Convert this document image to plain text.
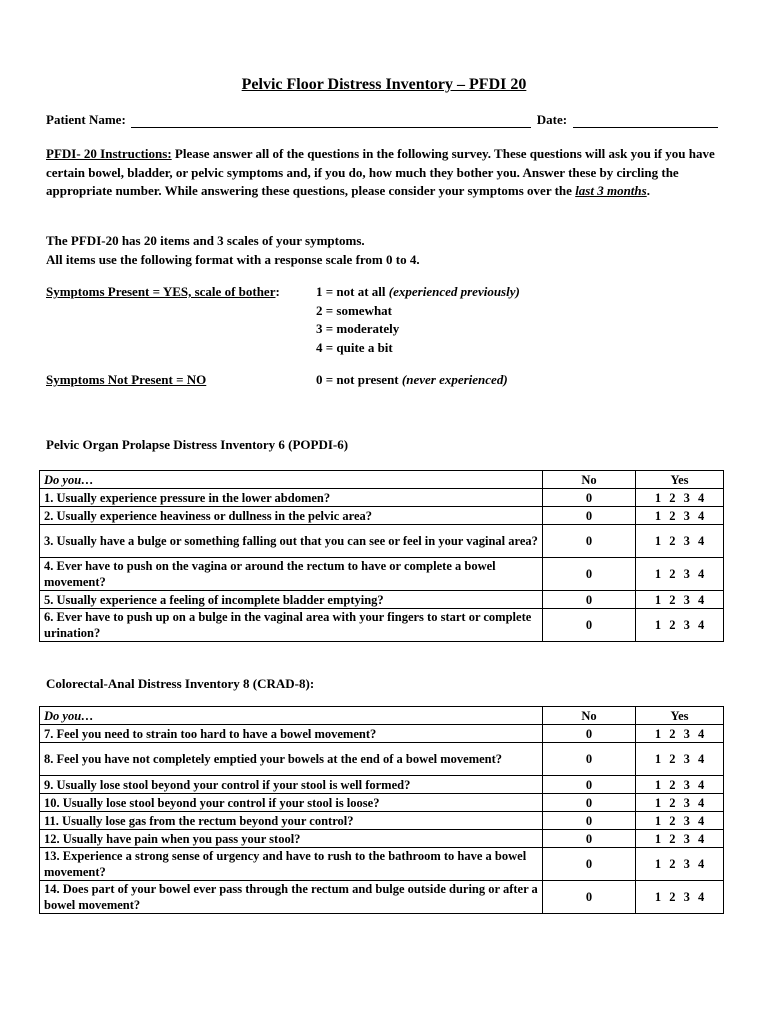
Pelvic Floor Distress Inventory – PFDI 20
Patient Name:	Date:
PFDI- 20 Instructions: Please answer all of the questions in the following survey. These questions will ask you if you have certain bowel, bladder, or pelvic symptoms and, if you do, how much they bother you. Answer these by circling the appropriate number. While answering these questions, please consider your symptoms over the last 3 months.
The PFDI-20 has 20 items and 3 scales of your symptoms.
All items use the following format with a response scale from 0 to 4.
Symptoms Present = YES, scale of bother:	1 = not at all (experienced previously)
2 = somewhat
3 = moderately
4 = quite a bit
Symptoms Not Present = NO	0 = not present (never experienced)
Pelvic Organ Prolapse Distress Inventory 6 (POPDI-6)
Do you…	No	Yes
1. Usually experience pressure in the lower abdomen?	0	1 2 3 4
2. Usually experience heaviness or dullness in the pelvic area?	0	1 2 3 4
3. Usually have a bulge or something falling out that you can see or feel in your vaginal area?	0	1 2 3 4
4. Ever have to push on the vagina or around the rectum to have or complete a bowel movement?	0	1 2 3 4
5. Usually experience a feeling of incomplete bladder emptying?	0	1 2 3 4
6. Ever have to push up on a bulge in the vaginal area with your fingers to start or complete urination?	0	1 2 3 4
Colorectal-Anal Distress Inventory 8 (CRAD-8):
Do you…	No	Yes
7. Feel you need to strain too hard to have a bowel movement?	0	1 2 3 4
8. Feel you have not completely emptied your bowels at the end of a bowel movement?	0	1 2 3 4
9. Usually lose stool beyond your control if your stool is well formed?	0	1 2 3 4
10. Usually lose stool beyond your control if your stool is loose?	0	1 2 3 4
11. Usually lose gas from the rectum beyond your control?	0	1 2 3 4
12. Usually have pain when you pass your stool?	0	1 2 3 4
13. Experience a strong sense of urgency and have to rush to the bathroom to have a bowel movement?	0	1 2 3 4
14. Does part of your bowel ever pass through the rectum and bulge outside during or after a bowel movement?	0	1 2 3 4
